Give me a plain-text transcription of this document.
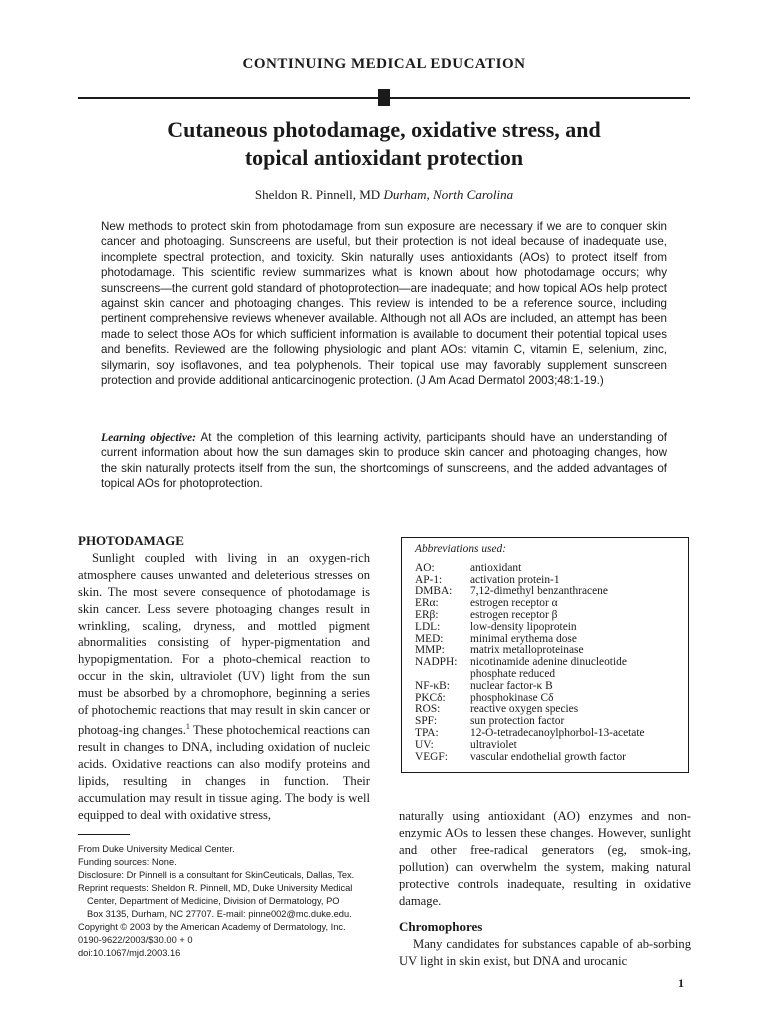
CONTINUING MEDICAL EDUCATION
Cutaneous photodamage, oxidative stress, and
topical antioxidant protection
Sheldon R. Pinnell, MD Durham, North Carolina

New methods to protect skin from photodamage from sun exposure are necessary if we are to conquer skin cancer and photoaging. Sunscreens are useful, but their protection is not ideal because of inadequate use, incomplete spectral protection, and toxicity. Skin naturally uses antioxidants (AOs) to protect itself from photodamage. This scientific review summarizes what is known about how photodamage occurs; why sunscreens—the current gold standard of photoprotection—are inadequate; and how topical AOs help protect against skin cancer and photoaging changes. This review is intended to be a reference source, including pertinent comprehensive reviews whenever available. Although not all AOs are included, an attempt has been made to select those AOs for which sufficient information is available to document their potential topical uses and benefits. Reviewed are the following physiologic and plant AOs: vitamin C, vitamin E, selenium, zinc, silymarin, soy isoflavones, and tea polyphenols. Their topical use may favorably supplement sunscreen protection and provide additional anticarcinogenic protection. (J Am Acad Dermatol 2003;48:1-19.)

Learning objective: At the completion of this learning activity, participants should have an understanding of current information about how the sun damages skin to produce skin cancer and photoaging changes, how the skin naturally protects itself from the sun, the shortcomings of sunscreens, and the added advantages of topical AOs for photoprotection.
PHOTODAMAGE

Sunlight coupled with living in an oxygen-rich atmosphere causes unwanted and deleterious stresses on skin. The most severe consequence of photodamage is skin cancer. Less severe photoaging changes result in wrinkling, scaling, dryness, and mottled pigment abnormalities consisting of hyper-pigmentation and hypopigmentation. For a photo-chemical reaction to occur in the skin, ultraviolet (UV) light from the sun must be absorbed by a chromophore, beginning a series of photochemic reactions that may result in skin cancer or photoag-ing changes.$^1$ These photochemical reactions can result in changes to DNA, including oxidation of nucleic acids. Oxidative reactions can also modify proteins and lipids, resulting in changes in function. Their accumulation may result in tissue aging. The body is well equipped to deal with oxidative stress,

Abbreviations used:
AO:	antioxidant
AP-1:	activation protein-1
DMBA:	7,12-dimethyl benzanthracene
ERα:	estrogen receptor α
ERβ:	estrogen receptor β
LDL:	low-density lipoprotein
MED:	minimal erythema dose
MMP:	matrix metalloproteinase
NADPH:	nicotinamide adenine dinucleotide phosphate reduced
NF-κB:	nuclear factor-κ B
PKCδ:	phosphokinase Cδ
ROS:	reactive oxygen species
SPF:	sun protection factor
TPA:	12-O-tetradecanoylphorbol-13-acetate
UV:	ultraviolet
VEGF:	vascular endothelial growth factor

naturally using antioxidant (AO) enzymes and non-enzymic AOs to lessen these changes. However, sunlight and other free-radical generators (eg, smok-ing, pollution) can overwhelm the system, making natural protective controls inadequate, resulting in oxidative damage.

Chromophores

Many candidates for substances capable of ab-sorbing UV light in skin exist, but DNA and urocanic

From Duke University Medical Center.
Funding sources: None.
Disclosure: Dr Pinnell is a consultant for SkinCeuticals, Dallas, Tex.
Reprint requests: Sheldon R. Pinnell, MD, Duke University Medical
Center, Department of Medicine, Division of Dermatology, PO
Box 3135, Durham, NC 27707. E-mail: pinne002@mc.duke.edu.
Copyright © 2003 by the American Academy of Dermatology, Inc.
0190-9622/2003/$30.00 + 0
doi:10.1067/mjd.2003.16
1
